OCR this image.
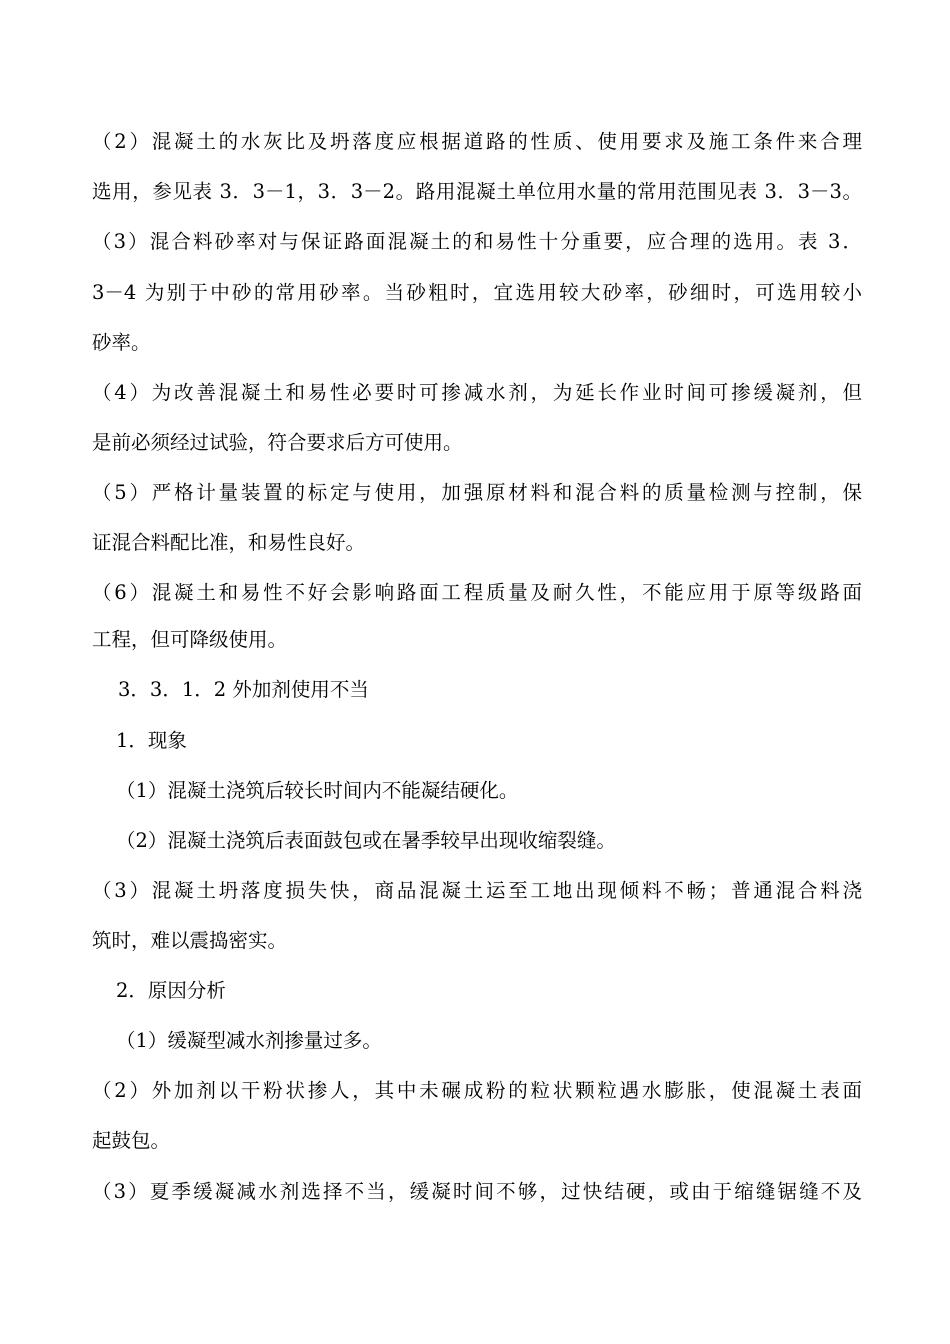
（2）混凝土的水灰比及坍落度应根据道路的性质、使用要求及施工条件来合理
选用，参见表 3．3－1，3．3－2。路用混凝土单位用水量的常用范围见表 3．3－3。
（3）混合料砂率对与保证路面混凝土的和易性十分重要，应合理的选用。表 3．
3－4 为别于中砂的常用砂率。当砂粗时，宜选用较大砂率，砂细时，可选用较小
砂率。
（4）为改善混凝土和易性必要时可掺减水剂，为延长作业时间可掺缓凝剂，但
是前必须经过试验，符合要求后方可使用。
（5）严格计量装置的标定与使用，加强原材料和混合料的质量检测与控制，保
证混合料配比准，和易性良好。
（6）混凝土和易性不好会影响路面工程质量及耐久性，不能应用于原等级路面
工程，但可降级使用。
3．3．1．2 外加剂使用不当
1．现象
（1）混凝土浇筑后较长时间内不能凝结硬化。
（2）混凝土浇筑后表面鼓包或在暑季较早出现收缩裂缝。
（3）混凝土坍落度损失快，商品混凝土运至工地出现倾料不畅；普通混合料浇
筑时，难以震捣密实。
2．原因分析
（1）缓凝型减水剂掺量过多。
（2）外加剂以干粉状掺人，其中未碾成粉的粒状颗粒遇水膨胀，使混凝土表面
起鼓包。
（3）夏季缓凝减水剂选择不当，缓凝时间不够，过快结硬，或由于缩缝锯缝不及
